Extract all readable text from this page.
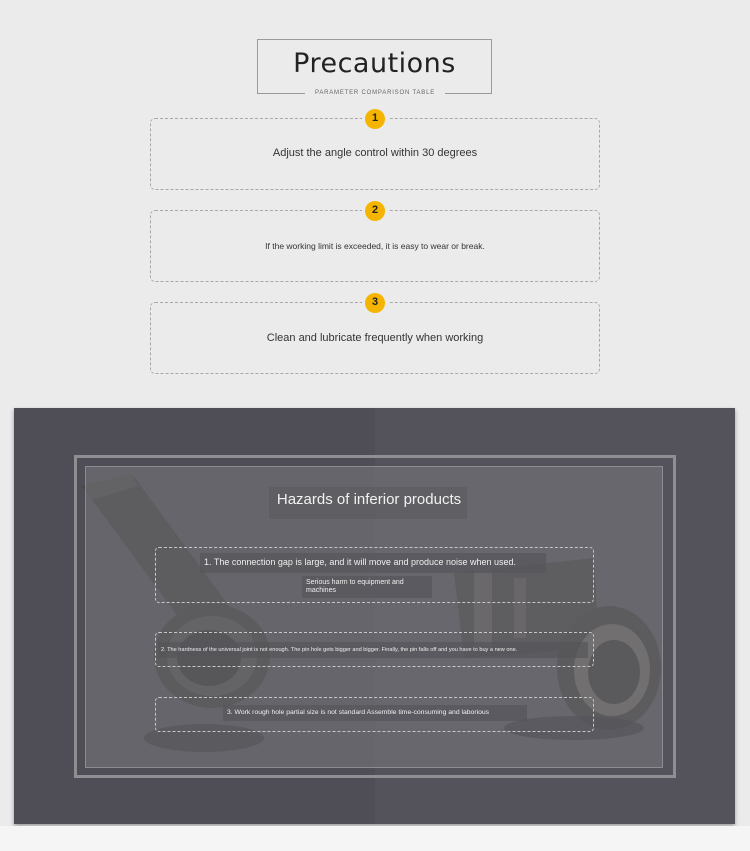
Precautions
PARAMETER COMPARISON TABLE
1
Adjust the angle control within 30 degrees
2
If the working limit is exceeded, it is easy to wear or break.
3
Clean and lubricate frequently when working
Hazards of inferior products
1. The connection gap is large, and it will move and produce noise when used.
Serious harm to equipment and
machines
2. The hardness of the universal joint is not enough. The pin hole gets bigger and bigger. Finally, the pin falls off and you have to buy a new one.
3. Work rough hole partial size is not standard Assemble time-consuming and laborious
